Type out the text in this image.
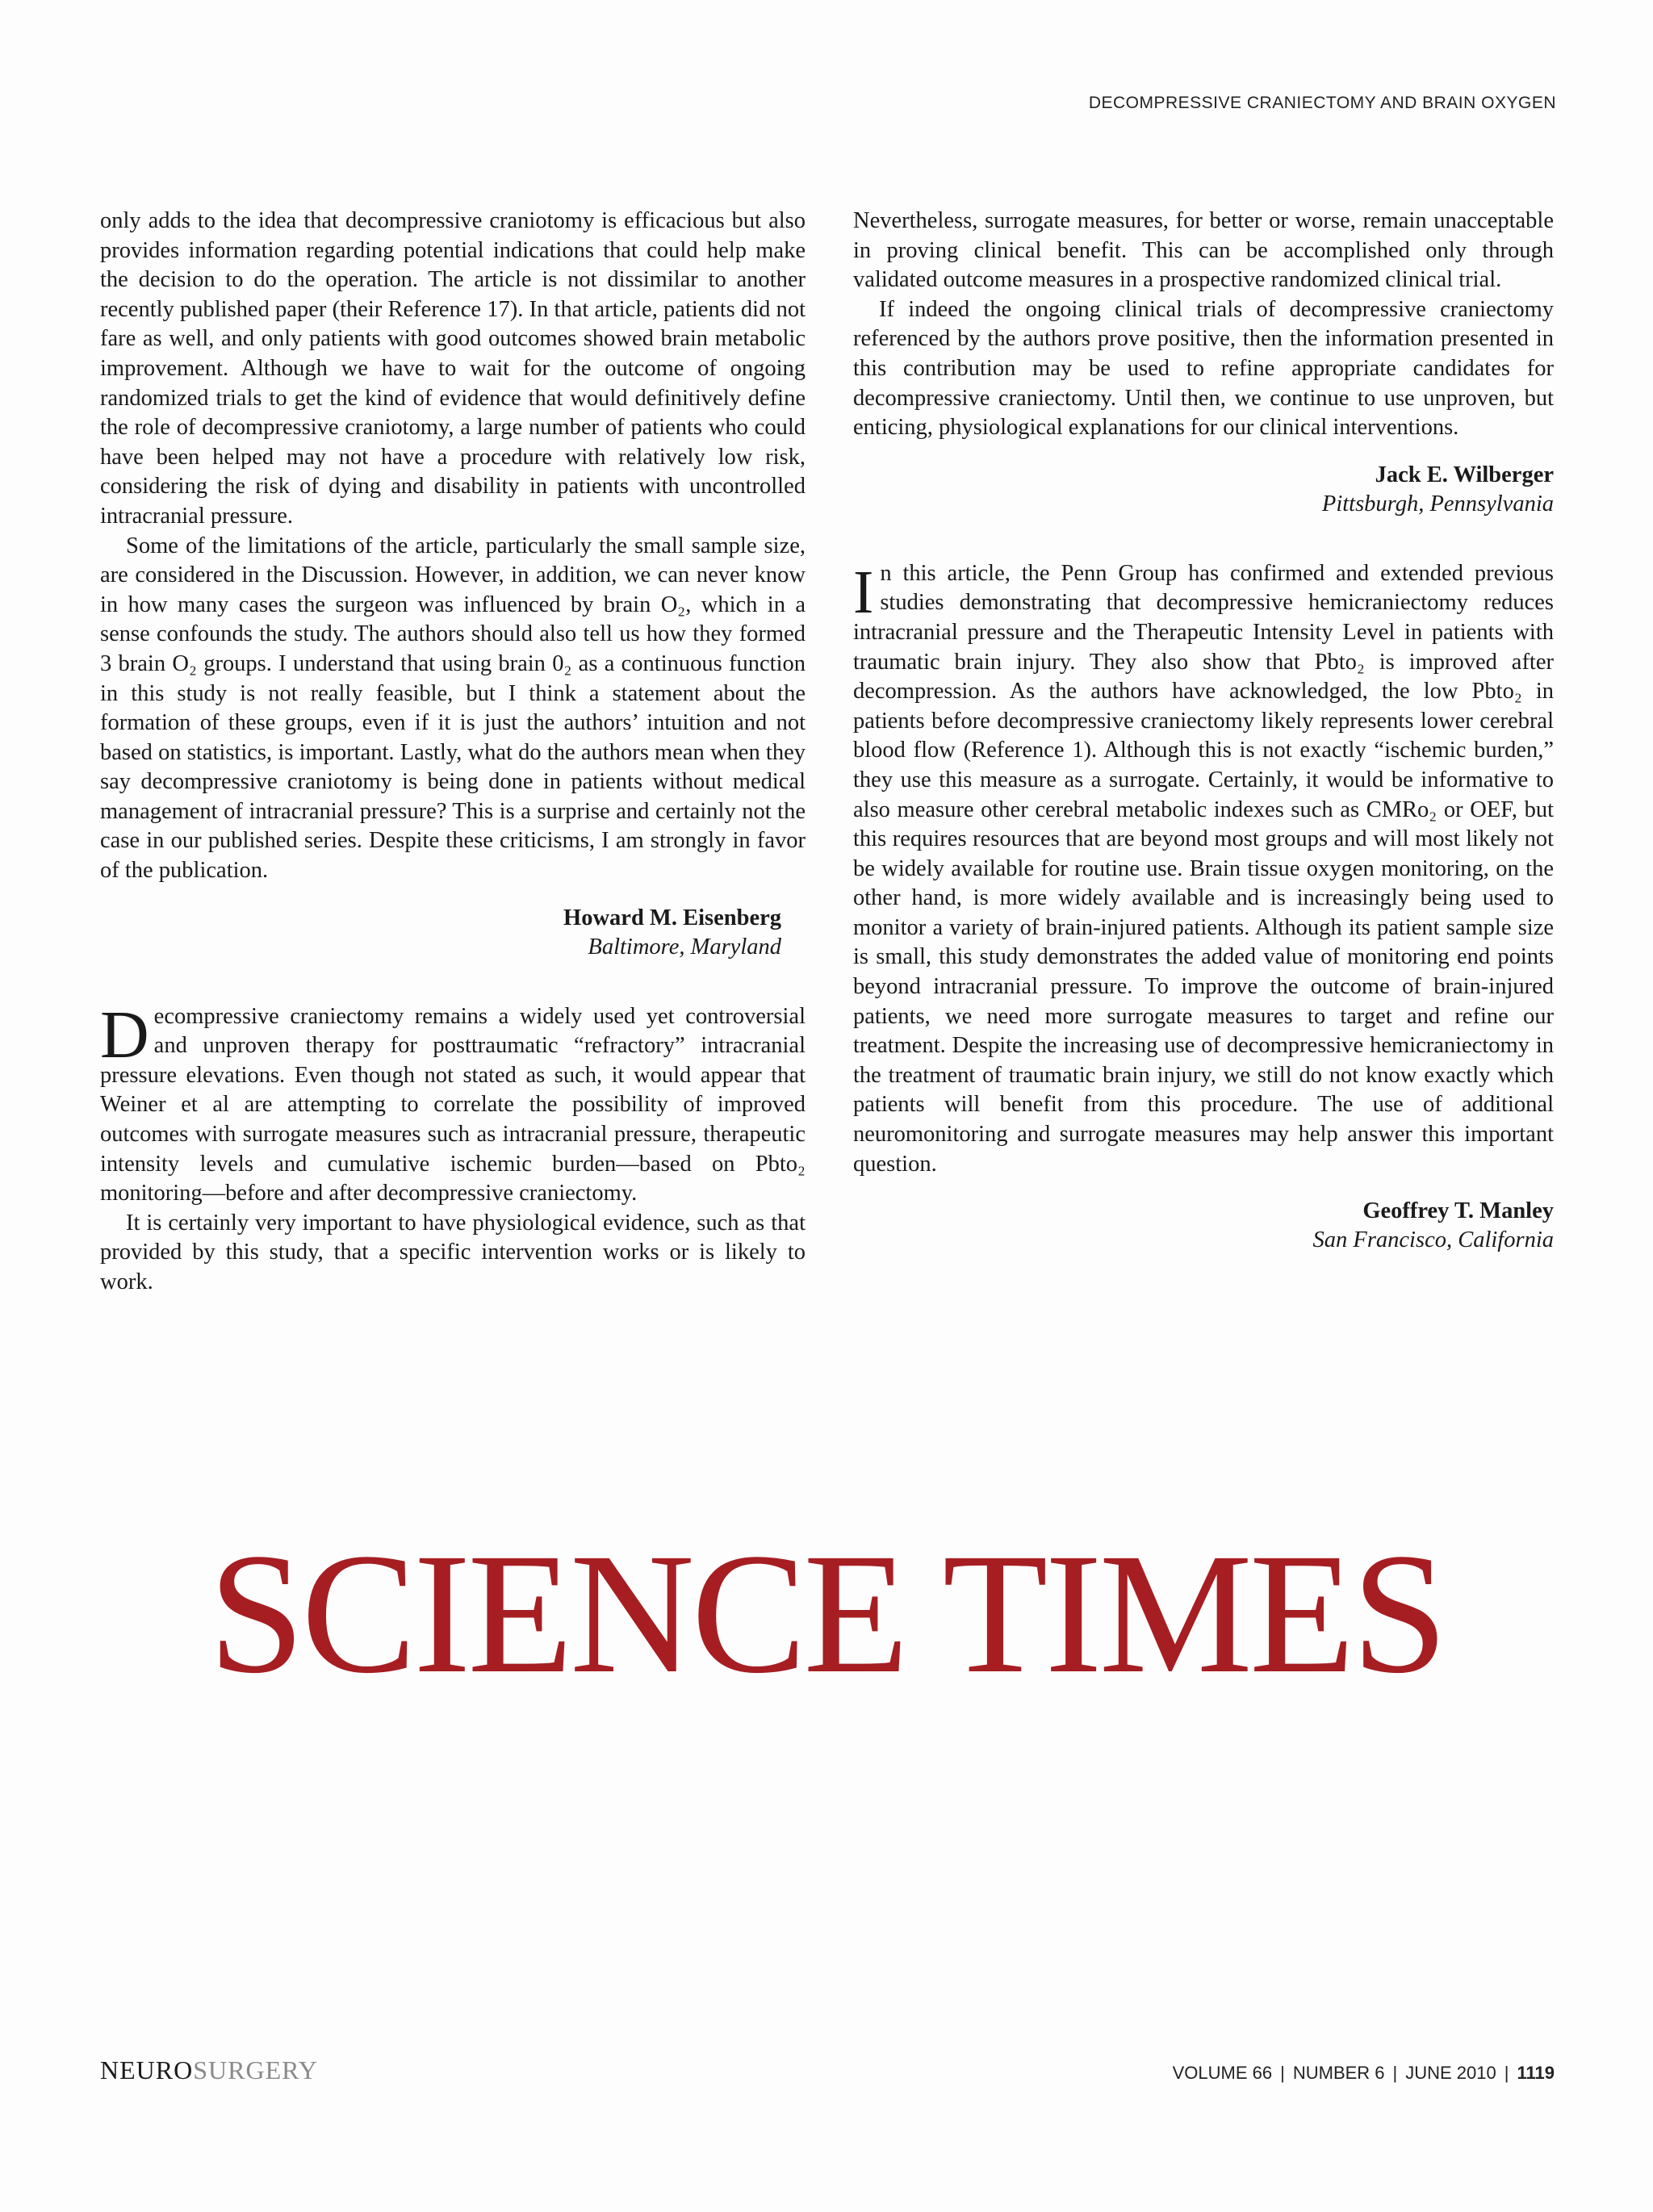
DECOMPRESSIVE CRANIECTOMY AND BRAIN OXYGEN

only adds to the idea that decompressive craniotomy is efficacious but also provides information regarding potential indications that could help make the decision to do the operation. The article is not dissimilar to another recently published paper (their Reference 17). In that article, patients did not fare as well, and only patients with good outcomes showed brain metabolic improvement. Although we have to wait for the outcome of ongoing randomized trials to get the kind of evidence that would definitively define the role of decompressive craniotomy, a large number of patients who could have been helped may not have a procedure with relatively low risk, considering the risk of dying and disability in patients with uncontrolled intracranial pressure.

Some of the limitations of the article, particularly the small sample size, are considered in the Discussion. However, in addition, we can never know in how many cases the surgeon was influenced by brain O₂, which in a sense confounds the study. The authors should also tell us how they formed 3 brain O₂ groups. I understand that using brain 0₂ as a continuous function in this study is not really feasible, but I think a statement about the formation of these groups, even if it is just the authors’ intuition and not based on statistics, is important. Lastly, what do the authors mean when they say decompressive craniotomy is being done in patients without medical management of intracranial pressure? This is a surprise and certainly not the case in our published series. Despite these criticisms, I am strongly in favor of the publication.

Howard M. Eisenberg
Baltimore, Maryland

Decompressive craniectomy remains a widely used yet controversial and unproven therapy for posttraumatic “refractory” intracranial pressure elevations. Even though not stated as such, it would appear that Weiner et al are attempting to correlate the possibility of improved outcomes with surrogate measures such as intracranial pressure, therapeutic intensity levels and cumulative ischemic burden—based on Pbto₂ monitoring—before and after decompressive craniectomy.

It is certainly very important to have physiological evidence, such as that provided by this study, that a specific intervention works or is likely to work.

Nevertheless, surrogate measures, for better or worse, remain unacceptable in proving clinical benefit. This can be accomplished only through validated outcome measures in a prospective randomized clinical trial.

If indeed the ongoing clinical trials of decompressive craniectomy referenced by the authors prove positive, then the information presented in this contribution may be used to refine appropriate candidates for decompressive craniectomy. Until then, we continue to use unproven, but enticing, physiological explanations for our clinical interventions.

Jack E. Wilberger
Pittsburgh, Pennsylvania

In this article, the Penn Group has confirmed and extended previous studies demonstrating that decompressive hemicraniectomy reduces intracranial pressure and the Therapeutic Intensity Level in patients with traumatic brain injury. They also show that Pbto₂ is improved after decompression. As the authors have acknowledged, the low Pbto₂ in patients before decompressive craniectomy likely represents lower cerebral blood flow (Reference 1). Although this is not exactly “ischemic burden,” they use this measure as a surrogate. Certainly, it would be informative to also measure other cerebral metabolic indexes such as CMRo₂ or OEF, but this requires resources that are beyond most groups and will most likely not be widely available for routine use. Brain tissue oxygen monitoring, on the other hand, is more widely available and is increasingly being used to monitor a variety of brain-injured patients. Although its patient sample size is small, this study demonstrates the added value of monitoring end points beyond intracranial pressure. To improve the outcome of brain-injured patients, we need more surrogate measures to target and refine our treatment. Despite the increasing use of decompressive hemicraniectomy in the treatment of traumatic brain injury, we still do not know exactly which patients will benefit from this procedure. The use of additional neuromonitoring and surrogate measures may help answer this important question.

Geoffrey T. Manley
San Francisco, California
SCIENCE TIMES
NEUROSURGERY	VOLUME 66 | NUMBER 6 | JUNE 2010 | 1119
